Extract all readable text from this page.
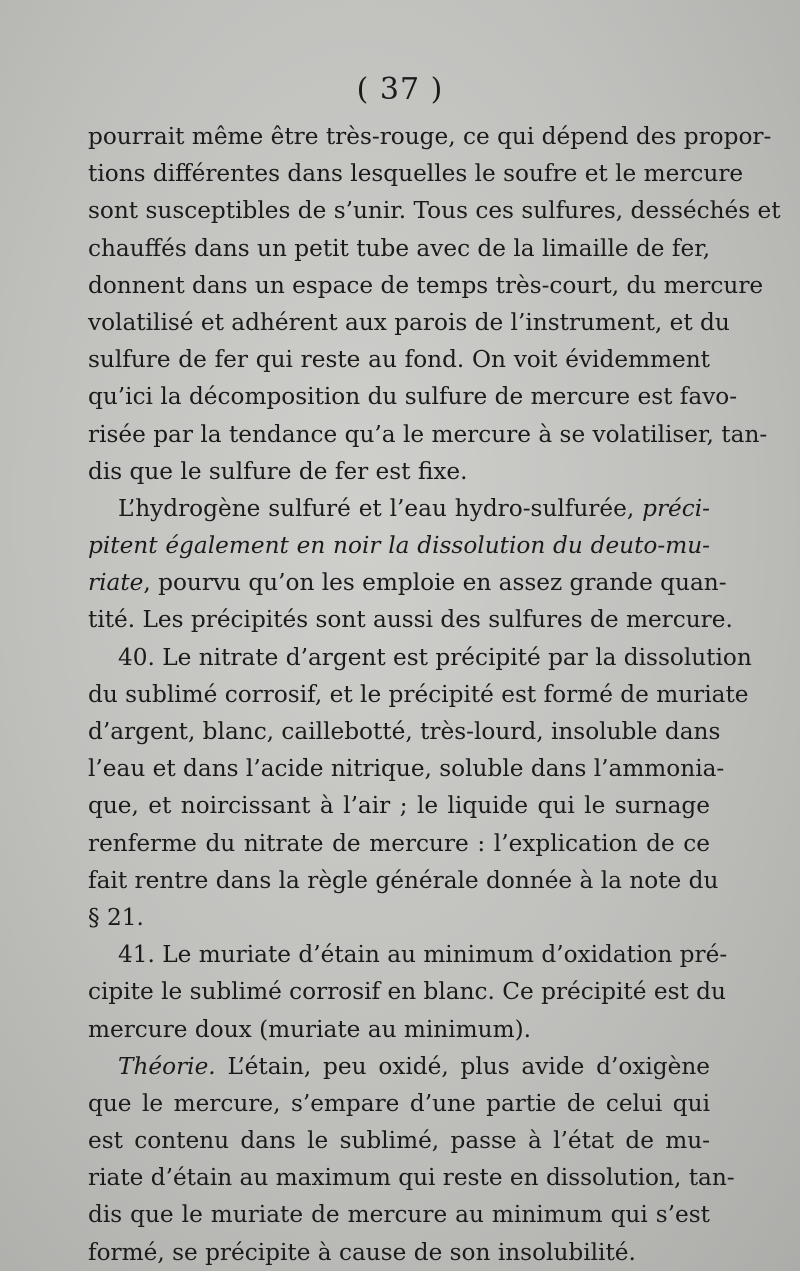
( 37 )
pourrait même être très-rouge, ce qui dépend des propor-
tions différentes dans lesquelles le soufre et le mercure
sont susceptibles de s’unir. Tous ces sulfures, desséchés et
chauffés dans un petit tube avec de la limaille de fer,
donnent dans un espace de temps très-court, du mercure
volatilisé et adhérent aux parois de l’instrument, et du
sulfure de fer qui reste au fond. On voit évidemment
qu’ici la décomposition du sulfure de mercure est favo-
risée par la tendance qu’a le mercure à se volatiliser, tan-
dis que le sulfure de fer est fixe.
L’hydrogène sulfuré et l’eau hydro-sulfurée, préci-
pitent également en noir la dissolution du deuto-mu-
riate, pourvu qu’on les emploie en assez grande quan-
tité. Les précipités sont aussi des sulfures de mercure.
40. Le nitrate d’argent est précipité par la dissolution
du sublimé corrosif, et le précipité est formé de muriate
d’argent, blanc, caillebotté, très-lourd, insoluble dans
l’eau et dans l’acide nitrique, soluble dans l’ammonia-
que, et noircissant à l’air ; le liquide qui le surnage
renferme du nitrate de mercure : l’explication de ce
fait rentre dans la règle générale donnée à la note du
§ 21.
41. Le muriate d’étain au minimum d’oxidation pré-
cipite le sublimé corrosif en blanc. Ce précipité est du
mercure doux (muriate au minimum).
Théorie. L’étain, peu oxidé, plus avide d’oxigène
que le mercure, s’empare d’une partie de celui qui
est contenu dans le sublimé, passe à l’état de mu-
riate d’étain au maximum qui reste en dissolution, tan-
dis que le muriate de mercure au minimum qui s’est
formé, se précipite à cause de son insolubilité.
